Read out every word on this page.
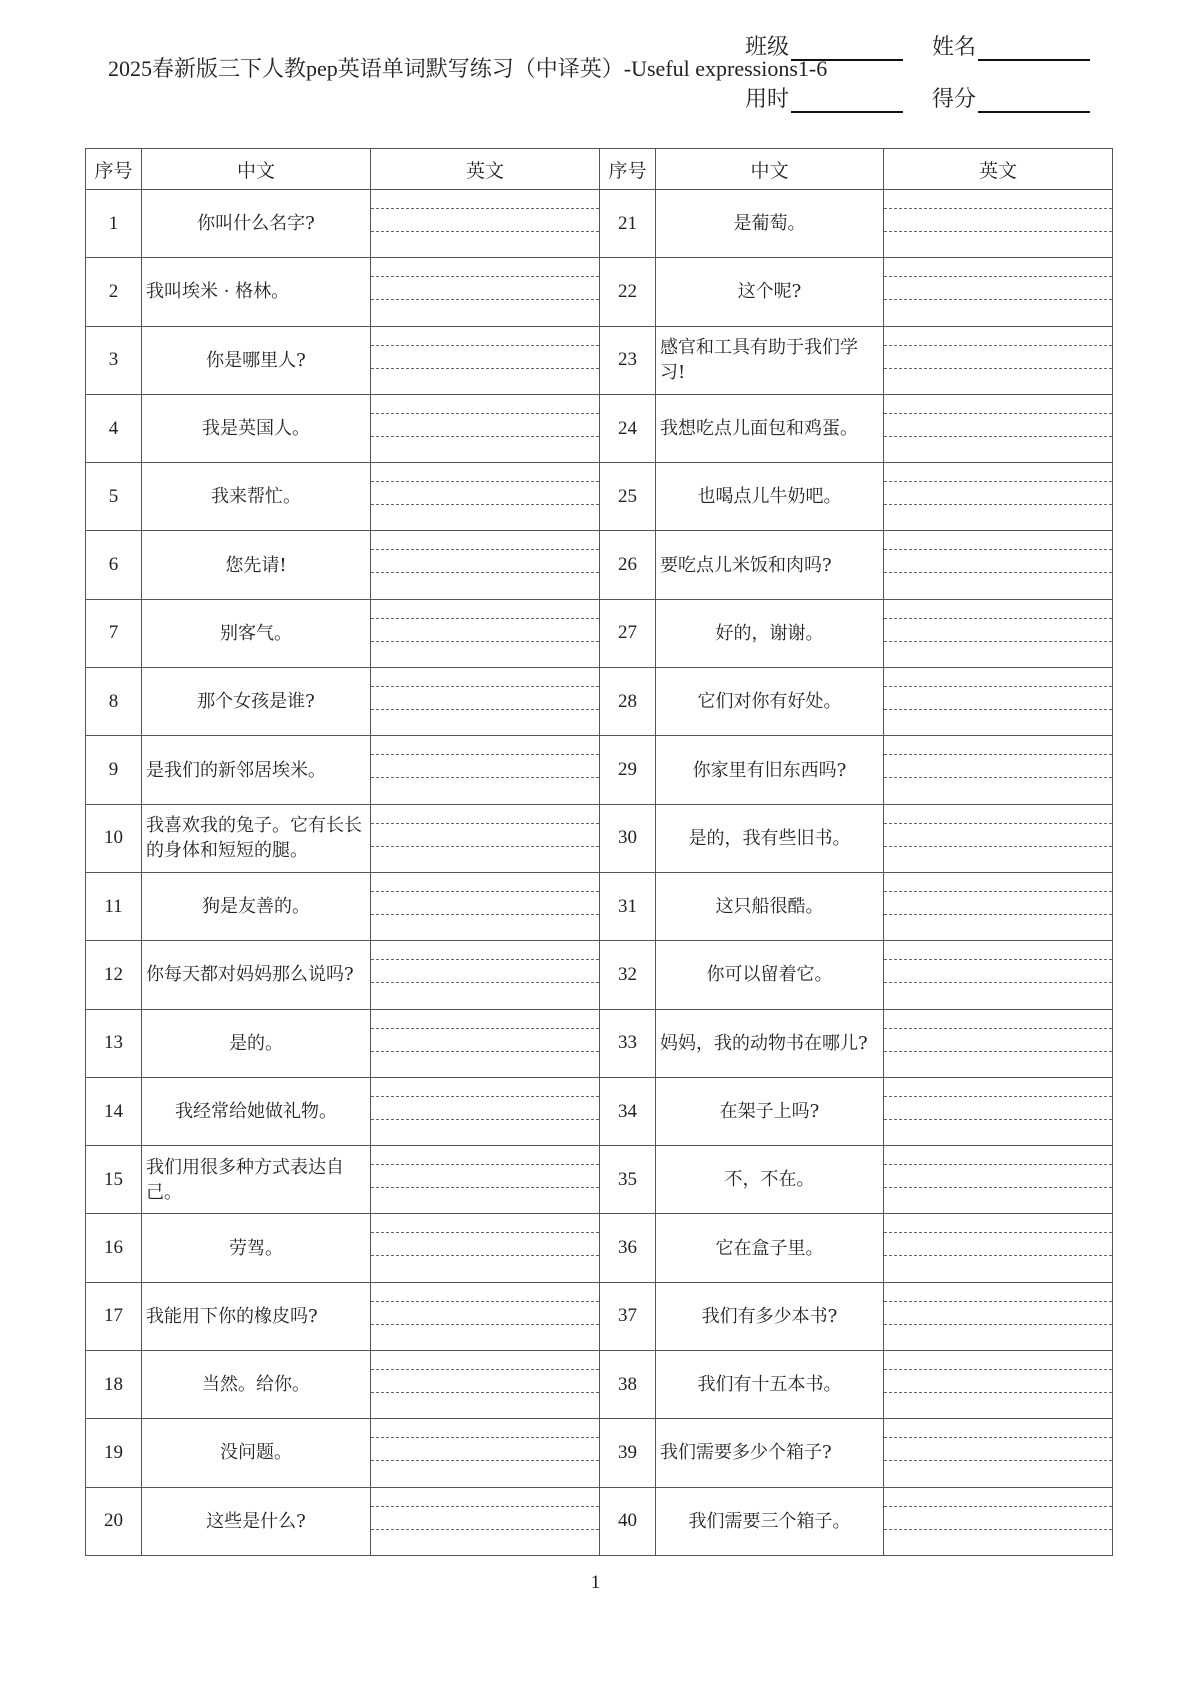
2025春新版三下人教pep英语单词默写练习（中译英）-Useful expressions1-6
班级	姓名
用时	得分
序号	中文	英文	序号	中文	英文
1	你叫什么名字?		21	是葡萄。	

2	我叫埃米 · 格林。		22	这个呢?	

3	你是哪里人?		23	感官和工具有助于我们学习!	

4	我是英国人。		24	我想吃点儿面包和鸡蛋。	

5	我来帮忙。		25	也喝点儿牛奶吧。	

6	您先请!		26	要吃点儿米饭和肉吗?	

7	别客气。		27	好的，谢谢。	

8	那个女孩是谁?		28	它们对你有好处。	

9	是我们的新邻居埃米。		29	你家里有旧东西吗?	

10	我喜欢我的兔子。它有长长的身体和短短的腿。		30	是的，我有些旧书。	

11	狗是友善的。		31	这只船很酷。	

12	你每天都对妈妈那么说吗?		32	你可以留着它。	

13	是的。		33	妈妈，我的动物书在哪儿?	

14	我经常给她做礼物。		34	在架子上吗?	

15	我们用很多种方式表达自己。		35	不，不在。	

16	劳驾。		36	它在盒子里。	

17	我能用下你的橡皮吗?		37	我们有多少本书?	

18	当然。给你。		38	我们有十五本书。	

19	没问题。		39	我们需要多少个箱子?	

20	这些是什么?		40	我们需要三个箱子。	
1
